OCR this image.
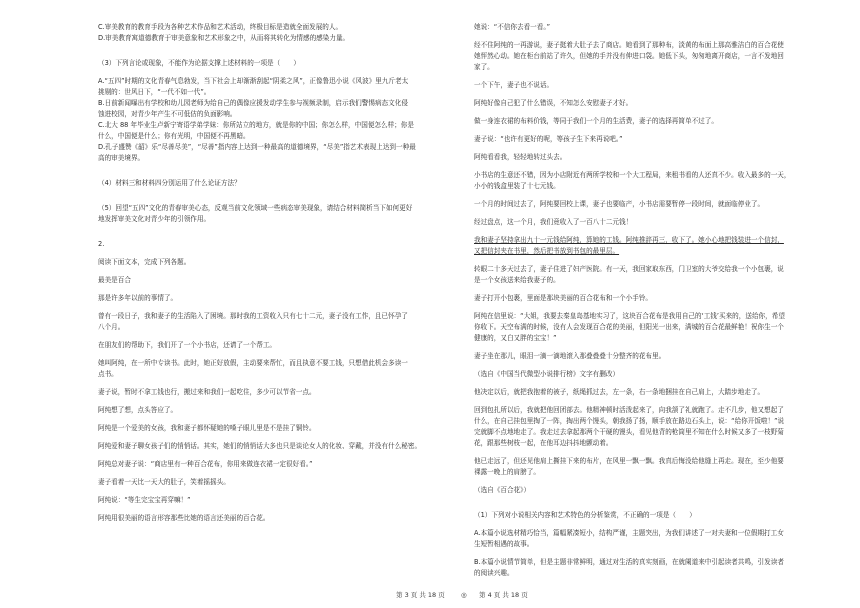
C.审美教育的教育手段为各种艺术作品和艺术活动，终极目标是造就全面发展的人。
D.审美教育寓道德教育于审美意象和艺术形象之中，从而将其转化为情感的感染力量。
（3）下列言论或现象，不能作为论据支撑上述材料的一项是（　　）
A.“五四”时期的文化青春气息勃发，当下社会上却渐渐刮起“阴柔之风”，正像鲁迅小说《风波》里九斤老太
挑剔的：世风日下，“一代不如一代”。
B.日前新闻曝出有学校和幼儿园老师为给自己的偶像应援发动学生参与视频录制，启示我们警惕病态文化侵
蚀进校园，对青少年产生不可低估的负面影响。
C.北大 88 年毕业生卢新宁寄语学弟学妹：你所站立的地方，就是你的中国；你怎么样，中国便怎么样；你是
什么，中国便是什么；你有光明，中国便不再黑暗。
D.孔子盛赞《韶》乐“尽善尽美”，“尽善”指内容上达到一种最高的道德境界，“尽美”指艺术表现上达到一种最
高的审美境界。
（4）材料三和材料四分别运用了什么论证方法？
（5）回望“五四”文化的青春审美心态，反观当前文化领域一些病态审美现象，请结合材料简析当下如何更好
地发挥审美文化对青少年的引领作用。
2.
阅读下面文本，完成下列各题。
最美是百合
那是许多年以前的事情了。
曾有一段日子，我和妻子的生活陷入了困境。那时我的工资收入只有七十二元，妻子没有工作，且已怀孕了
八个月。
在朋友们的帮助下，我们开了一个小书店，还请了一个帮工。
她叫阿纯，在一所中专读书。此时，她正好放假，主动要来帮忙，而且执意不要工钱，只想借此机会多读一
点书。
妻子说，暂时不拿工钱也行，搬过来和我们一起吃住，多少可以节省一点。
阿纯想了想，点头答应了。
阿纯是一个爱美的女孩，我和妻子都怀疑她的嗓子眼儿里是不是挂了铜铃。
阿纯爱和妻子聊女孩子们的悄悄话。其实，她们的悄悄话大多也只是谈论女人的化妆、穿戴，并没有什么秘密。
阿纯总对妻子说：“商店里有一种百合花布，你用来做连衣裙一定很好看。”
妻子看着一天比一天大的肚子，笑着摇摇头。
阿纯说：“等生完宝宝再穿嘛！”
阿纯用很美丽的语言形容那些比她的语言还美丽的百合花。
她说：“不信你去看一看。”
经不住阿纯的一再游说，妻子挺着大肚子去了商店。她看到了那种布，淡黄的布面上那高雅洁白的百合花使
她怦然心动。她在柜台前站了许久，但她的手并没有伸进口袋。她低下头，匆匆地离开商店，一言不发地回
家了。
一个下午，妻子也不说话。
阿纯好像自己犯了什么错误，不知怎么安慰妻子才好。
做一身连衣裙的布料价钱，等同于我们一个月的生活费，妻子的选择再简单不过了。
妻子说：“也许有更好的呢，等孩子生下来再说吧。”
阿纯看看我，轻轻地转过头去。
小书店的生意还不错，因为小店附近有两所学校和一个大工程局，来租书看的人还真不少。收入最多的一天，
小小的钱盒里装了十七元钱。
一个月的时间过去了，阿纯要回校上课，妻子也要临产，小书店需要暂停一段时间，就面临停业了。
经过盘点，这一个月，我们竟收入了一百八十二元钱！
我和妻子坚持拿出九十一元钱给阿纯，算她的工钱。阿纯推辞再三，收下了。她小心地把钱装进一个信封，
又把信封夹在书里，然后把书放到书包的最里层。
转眼二十多天过去了，妻子住进了妇产医院。有一天，我回家取东西，门卫室的大爷交给我一个小包裹，说
是一个女孩送来给我妻子的。
妻子打开小包裹，里面是那块美丽的百合花布和一个小手铃。
阿纯在信里说：“大姐，我要去秦皇岛基地实习了，这块百合花布是我用自己的‘工钱’买来的，送给你，希望
你收下。天空布满的时候，没有人会发现百合花的美丽，但阳光一出来，满城的百合花最鲜艳！祝你生一个
健康的，又白又胖的宝宝！”
妻子坐在那儿，眼泪一滴一滴地滚入那叠叠叠十分整齐的花布里。
（选自《中国当代微型小说排行榜》文字有删改）
他决定以后，就把我抱着的被子，纸绳抓过去，左一条，右一条地捆挂在自己肩上，大踏步地走了。
回到包扎所以后，我就把他回团部去。他精神顿时活泼起来了，向我颔了礼就跑了。走不几步，他又想起了
什么，在自己挂包里掏了一阵，掏出两个馒头，朝我扬了扬，顺手放在路边石头上，说：“给你开饭啦！”说
完就脚不点地地走了。我走过去拿起那两个干硬的馒头，看见他背的枪筒里不知在什么时候又多了一枝野菊
花，跟那些树枝一起，在他耳边抖抖地颤动着。
他已走远了，但还见他肩上撕挂下来的布片，在风里一飘一飘。我真后悔没给他缝上再走。现在，至少他要
裸露一晚上的肩膀了。
（选自《百合花》）
（1）下列对小说相关内容和艺术特色的分析鉴赏，不正确的一项是（　　）
A.本篇小说选材精巧恰当，篇幅紧凑短小，结构严谨，主题突出，为我们讲述了一对夫妻和一位假期打工女
生短暂相遇的故事。
B.本篇小说情节简单，但是主题非常鲜明，通过对生活的真实刻画，在就阑道来中引起读者共鸣，引发读者
的阅读兴趣。
第 3 页 共 18 页	◎ 第 4 页 共 18 页
